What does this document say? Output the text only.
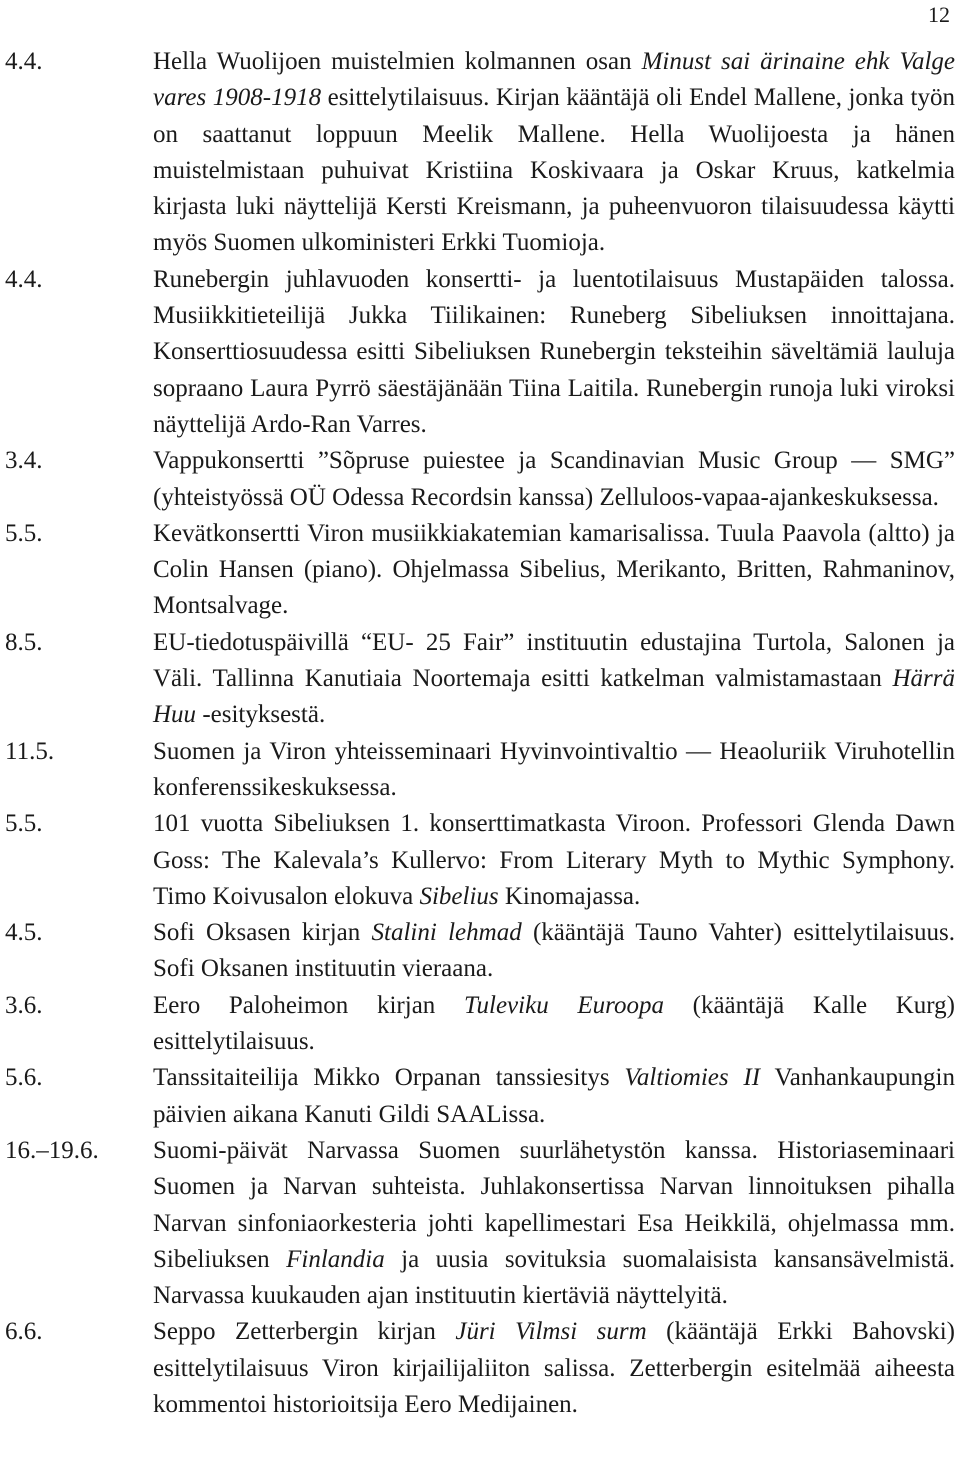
12
4.4.	Hella Wuolijoen muistelmien kolmannen osan Minust sai ärinaine ehk Valge vares 1908-1918 esittelytilaisuus. Kirjan kääntäjä oli Endel Mallene, jonka työn on saattanut loppuun Meelik Mallene. Hella Wuolijoesta ja hänen muistelmistaan puhuivat Kristiina Koskivaara ja Oskar Kruus, katkelmia kirjasta luki näyttelijä Kersti Kreismann, ja puheenvuoron tilaisuudessa käytti myös Suomen ulkoministeri Erkki Tuomioja.
4.4.	Runebergin juhlavuoden konsertti- ja luentotilaisuus Mustapäiden talossa. Musiikkitieteilijä Jukka Tiilikainen: Runeberg Sibeliuksen innoittajana. Konserttiosuudessa esitti Sibeliuksen Runebergin teksteihin säveltämiä lauluja sopraano Laura Pyrrö säestäjänään Tiina Laitila. Runebergin runoja luki viroksi näyttelijä Ardo-Ran Varres.
3.4.	Vappukonsertti ”Sõpruse puiestee ja Scandinavian Music Group — SMG” (yhteistyössä OÜ Odessa Recordsin kanssa) Zelluloos-vapaa-ajankeskuksessa.
5.5.	Kevätkonsertti Viron musiikkiakatemian kamarisalissa. Tuula Paavola (altto) ja Colin Hansen (piano). Ohjelmassa Sibelius, Merikanto, Britten, Rahmaninov, Montsalvage.
8.5.	EU-tiedotuspäivillä “EU- 25 Fair” instituutin edustajina Turtola, Salonen ja Väli. Tallinna Kanutiaia Noortemaja esitti katkelman valmistamastaan Härrä Huu -esityksestä.
11.5.	Suomen ja Viron yhteisseminaari Hyvinvointivaltio — Heaoluriik Viruhotellin konferenssikeskuksessa.
5.5.	101 vuotta Sibeliuksen 1. konserttimatkasta Viroon. Professori Glenda Dawn Goss: The Kalevala’s Kullervo: From Literary Myth to Mythic Symphony. Timo Koivusalon elokuva Sibelius Kinomajassa.
4.5.	Sofi Oksasen kirjan Stalini lehmad (kääntäjä Tauno Vahter) esittelytilaisuus. Sofi Oksanen instituutin vieraana.
3.6.	Eero Paloheimon kirjan Tuleviku Euroopa (kääntäjä Kalle Kurg) esittelytilaisuus.
5.6.	Tanssitaiteilija Mikko Orpanan tanssiesitys Valtiomies II Vanhankaupungin päivien aikana Kanuti Gildi SAALissa.
16.–19.6.	Suomi-päivät Narvassa Suomen suurlähetystön kanssa. Historiaseminaari Suomen ja Narvan suhteista. Juhlakonsertissa Narvan linnoituksen pihalla Narvan sinfoniaorkesteria johti kapellimestari Esa Heikkilä, ohjelmassa mm. Sibeliuksen Finlandia ja uusia sovituksia suomalaisista kansansävelmistä. Narvassa kuukauden ajan instituutin kiertäviä näyttelyitä.
6.6.	Seppo Zetterbergin kirjan Jüri Vilmsi surm (kääntäjä Erkki Bahovski) esittelytilaisuus Viron kirjailijaliiton salissa. Zetterbergin esitelmää aiheesta kommentoi historioitsija Eero Medijainen.
